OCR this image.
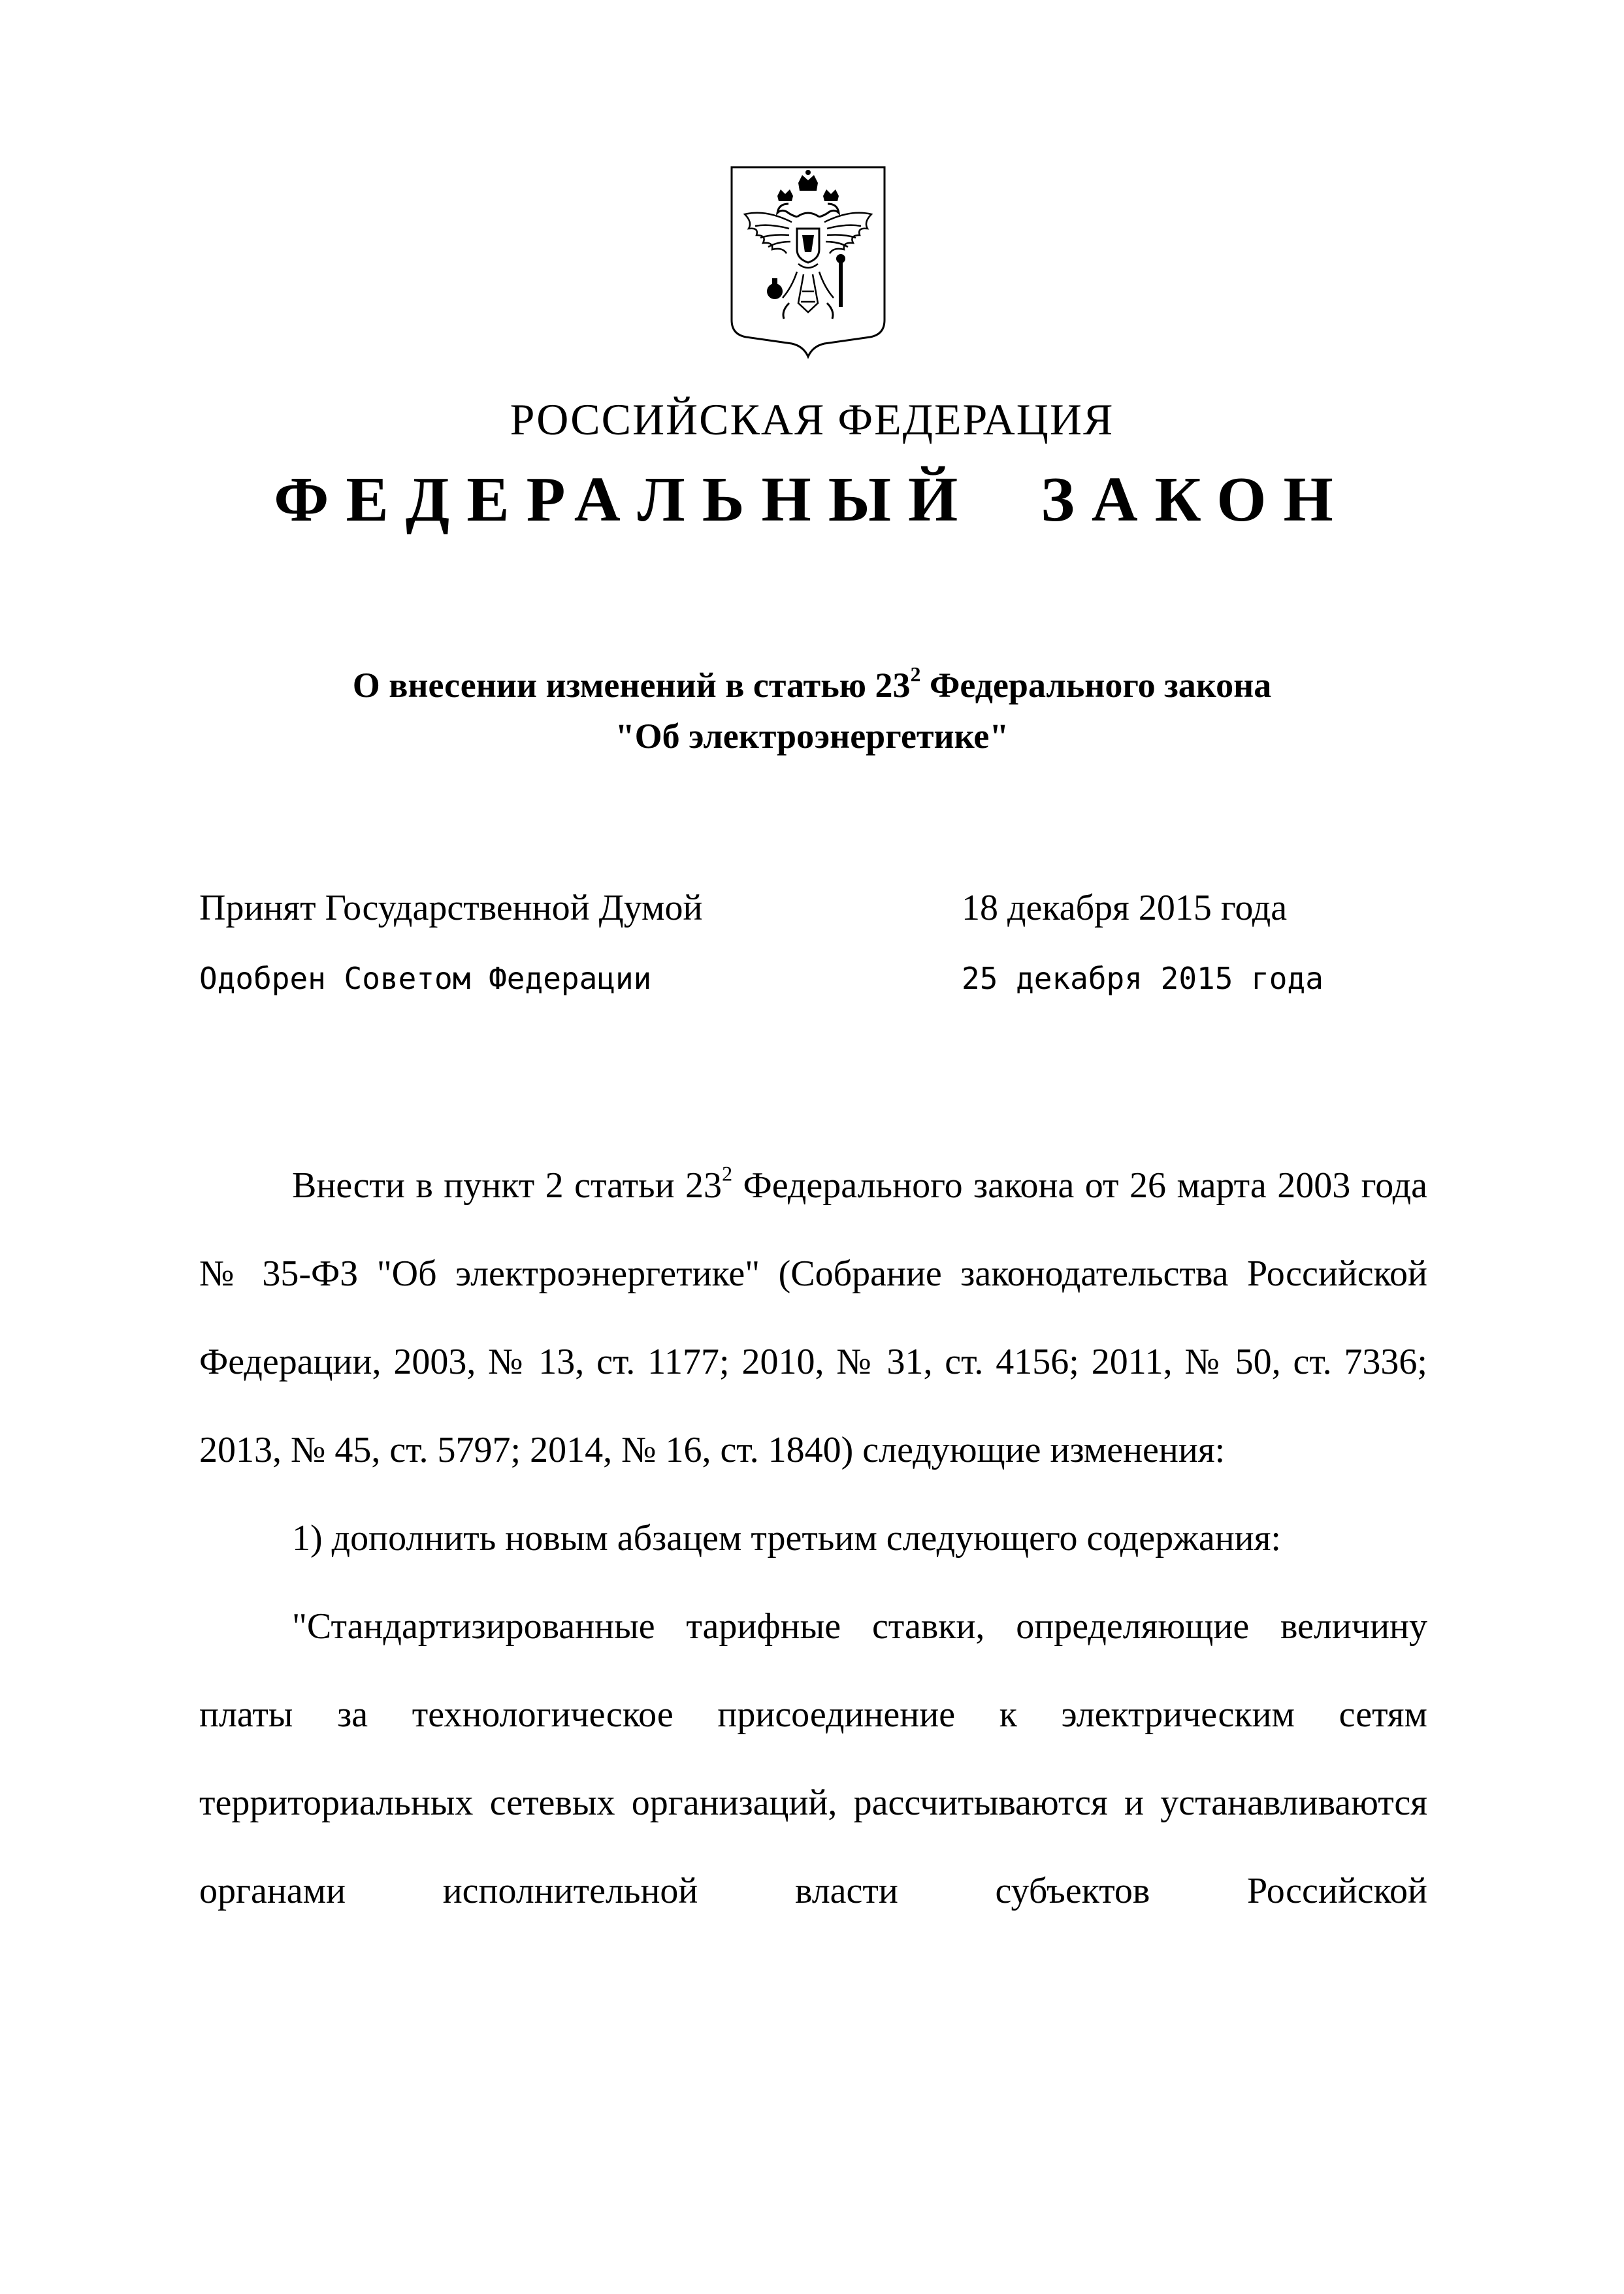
РОССИЙСКАЯ ФЕДЕРАЦИЯ
ФЕДЕРАЛЬНЫЙ  ЗАКОН
О внесении изменений в статью $23^2$ Федерального закона
"Об электроэнергетике"
Принят Государственной Думой	18 декабря 2015 года
Одобрен Советом Федерации	25 декабря 2015 года

Внести в пункт 2 статьи $23^2$ Федерального закона от 26 марта 2003 года № 35-ФЗ "Об электроэнергетике" (Собрание законодательства Российской Федерации, 2003, № 13, ст. 1177; 2010, № 31, ст. 4156; 2011, № 50, ст. 7336; 2013, № 45, ст. 5797; 2014, № 16, ст. 1840) следующие изменения:

1) дополнить новым абзацем третьим следующего содержания:

"Стандартизированные тарифные ставки, определяющие величину платы за технологическое присоединение к электрическим сетям территориальных сетевых организаций, рассчитываются и устанавливаются органами исполнительной власти субъектов Российской
